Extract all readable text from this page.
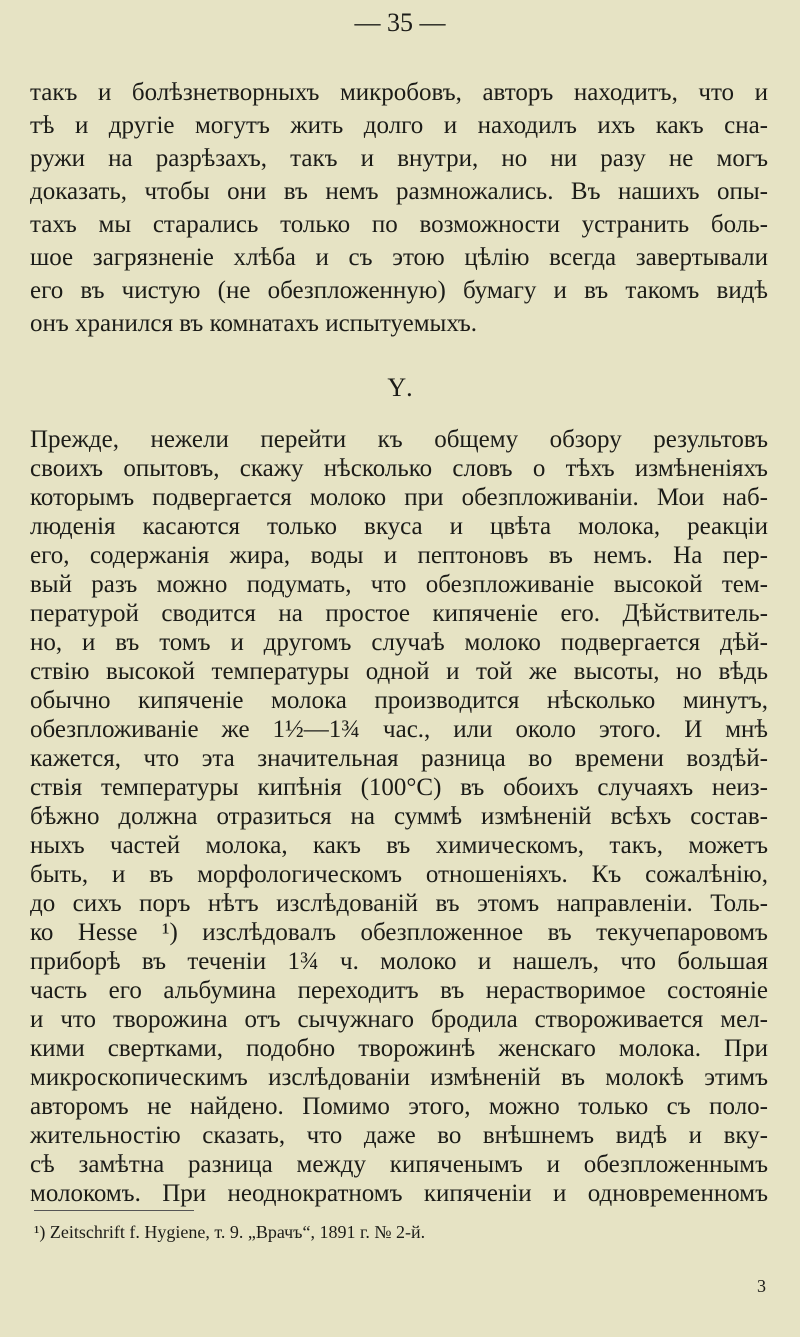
— 35 —
такъ и болѣзнетворныхъ микробовъ, авторъ находитъ, что и
тѣ и другіе могутъ жить долго и находилъ ихъ какъ сна-
ружи на разрѣзахъ, такъ и внутри, но ни разу не могъ
доказать, чтобы они въ немъ размножались. Въ нашихъ опы-
тахъ мы старались только по возможности устранить боль-
шое загрязненіе хлѣба и съ этою цѣлію всегда завертывали
его въ чистую (не обезпложенную) бумагу и въ такомъ видѣ
онъ хранился въ комнатахъ испытуемыхъ.
Ү.
Прежде, нежели перейти къ общему обзору результовъ
своихъ опытовъ, скажу нѣсколько словъ о тѣхъ измѣненіяхъ
которымъ подвергается молоко при обезпложиваніи. Мои наб-
люденія касаются только вкуса и цвѣта молока, реакціи
его, содержанія жира, воды и пептоновъ въ немъ. На пер-
вый разъ можно подумать, что обезпложиваніе высокой тем-
пературой сводится на простое кипяченіе его. Дѣйствитель-
но, и въ томъ и другомъ случаѣ молоко подвергается дѣй-
ствію высокой температуры одной и той же высоты, но вѣдь
обычно кипяченіе молока производится нѣсколько минутъ,
обезпложиваніе же 1½—1¾ час., или около этого. И мнѣ
кажется, что эта значительная разница во времени воздѣй-
ствія температуры кипѣнія (100°C) въ обоихъ случаяхъ неиз-
бѣжно должна отразиться на суммѣ измѣненій всѣхъ состав-
ныхъ частей молока, какъ въ химическомъ, такъ, можетъ
быть, и въ морфологическомъ отношеніяхъ. Къ сожалѣнію,
до сихъ поръ нѣтъ изслѣдованій въ этомъ направленіи. Толь-
ко Hesse ¹) изслѣдовалъ обезпложенное въ текучепаровомъ
приборѣ въ теченіи 1¾ ч. молоко и нашелъ, что большая
часть его альбумина переходитъ въ нерастворимое состояніе
и что творожина отъ сычужнаго бродила створоживается мел-
кими свертками, подобно творожинѣ женскаго молока. При
микроскопическимъ изслѣдованіи измѣненій въ молокѣ этимъ
авторомъ не найдено. Помимо этого, можно только съ поло-
жительностію сказать, что даже во внѣшнемъ видѣ и вку-
сѣ замѣтна разница между кипяченымъ и обезпложеннымъ
молокомъ. При неоднократномъ кипяченіи и одновременномъ
¹) Zeitschrift f. Hygiene, т. 9. „Врачъ“, 1891 г. № 2-й.
3
